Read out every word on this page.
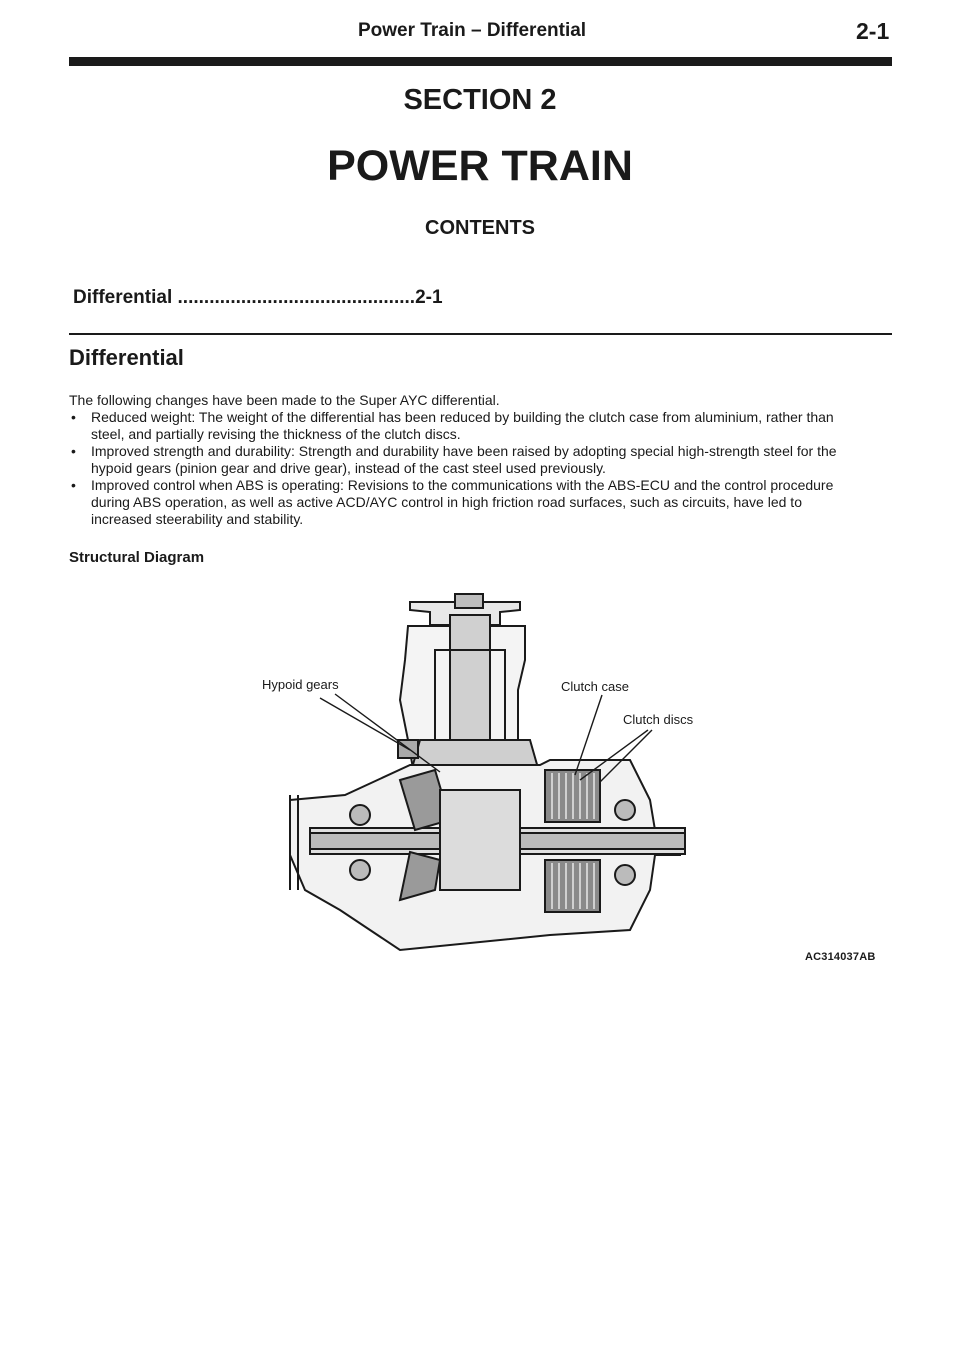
Power Train – Differential	2-1
SECTION 2
POWER TRAIN
CONTENTS
Differential .............................................2-1
Differential
The following changes have been made to the Super AYC differential.
• Reduced weight: The weight of the differential has been reduced by building the clutch case from aluminium, rather than
steel, and partially revising the thickness of the clutch discs.
• Improved strength and durability: Strength and durability have been raised by adopting special high-strength steel for the
hypoid gears (pinion gear and drive gear), instead of the cast steel used previously.
• Improved control when ABS is operating: Revisions to the communications with the ABS-ECU and the control procedure
during ABS operation, as well as active ACD/AYC control in high friction road surfaces, such as circuits, have led to
increased steerability and stability.
Structural Diagram
Hypoid gears	Clutch case
Clutch discs
AC314037AB
